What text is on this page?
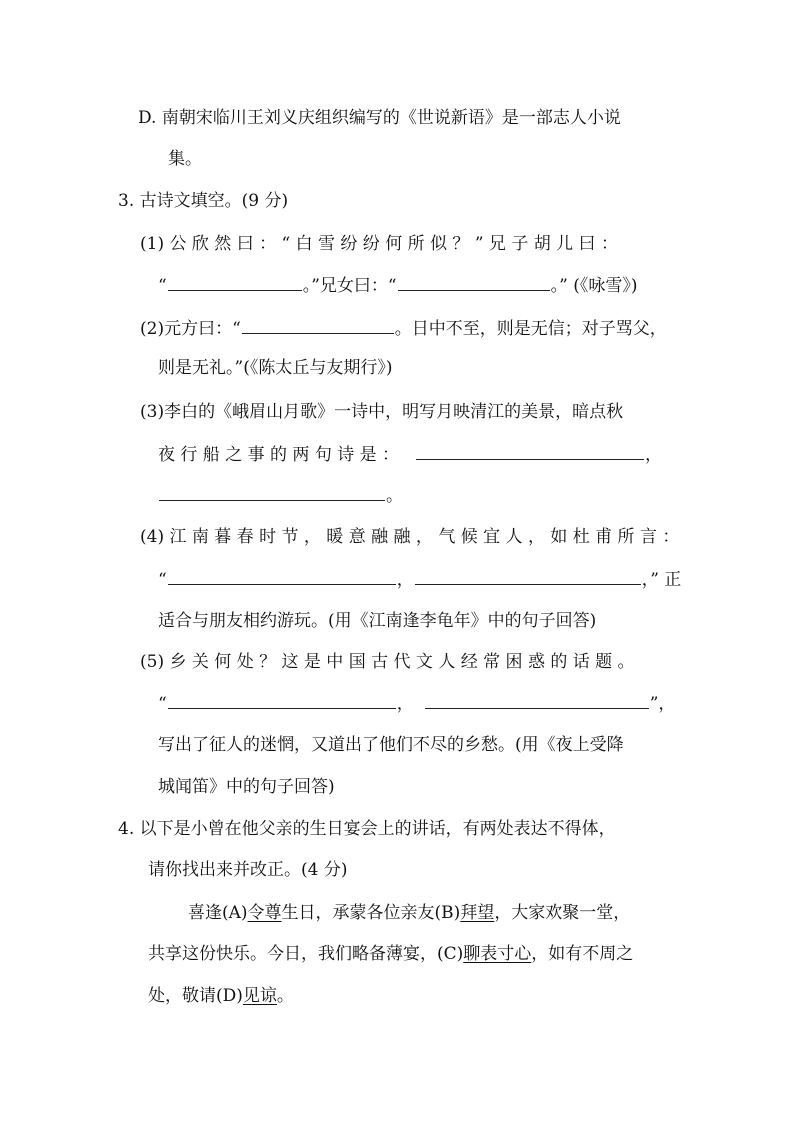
D. 南朝宋临川王刘义庆组织编写的《世说新语》是一部志人小说
集。
3. 古诗文填空。(9 分)
(1) 公 欣 然 曰 ： “ 白 雪 纷 纷 何 所 似 ？ ” 兄 子 胡 儿 曰 ：
“	。”兄女曰：“	。” (《咏雪》)
(2)元方曰：“	。日中不至，则是无信；对子骂父，
则是无礼。”(《陈太丘与友期行》)
(3)李白的《峨眉山月歌》一诗中，明写月映清江的美景，暗点秋
夜 行 船 之 事 的 两 句 诗 是 ：	，
。
(4) 江 南 暮 春 时 节 ， 暖 意 融 融 ， 气 候 宜 人 ， 如 杜 甫 所 言 ：
“	，	，” 正
适合与朋友相约游玩。(用《江南逢李龟年》中的句子回答)
(5) 乡 关 何 处 ？ 这 是 中 国 古 代 文 人 经 常 困 惑 的 话 题 。
“	，	”，
写出了征人的迷惘，又道出了他们不尽的乡愁。(用《夜上受降
城闻笛》中的句子回答)
4. 以下是小曾在他父亲的生日宴会上的讲话，有两处表达不得体，
请你找出来并改正。(4 分)
喜逢(A)令尊生日，承蒙各位亲友(B)拜望，大家欢聚一堂，
共享这份快乐。今日，我们略备薄宴，(C)聊表寸心，如有不周之
处，敬请(D)见谅。
